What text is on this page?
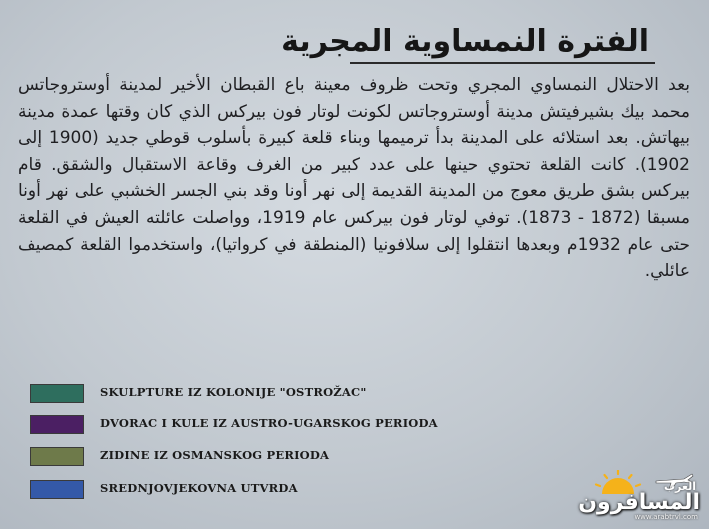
الفترة النمساوية المجرية

بعد الاحتلال النمساوي المجري وتحت ظروف معينة باع القبطان الأخير لمدينة أوستروجاتس محمد بيك بشيرفيتش مدينة أوستروجاتس لكونت لوتار فون بيركس الذي كان وقتها عمدة مدينة بيهاتش. بعد استلائه على المدينة بدأ ترميمها وبناء قلعة كبيرة بأسلوب قوطي جديد (1900 إلى 1902). كانت القلعة تحتوي حينها على عدد كبير من الغرف وقاعة الاستقبال والشقق. قام بيركس بشق طريق معوج من المدينة القديمة إلى نهر أونا وقد بني الجسر الخشبي على نهر أونا مسبقا (1872 - 1873). توفي لوتار فون بيركس عام 1919، وواصلت عائلته العيش في القلعة حتى عام 1932م وبعدها انتقلوا إلى سلافونيا (المنطقة في كرواتيا)، واستخدموا القلعة كمصيف عائلي.

SKULPTURE IZ KOLONIJE "OSTROŽAC"
DVORAC I KULE IZ AUSTRO-UGARSKOG PERIODA
ZIDINE IZ OSMANSKOG PERIODA
SREDNJOVJEKOVNA UTVRDA	العرب
المسافرون
www.arabtrvl.com
